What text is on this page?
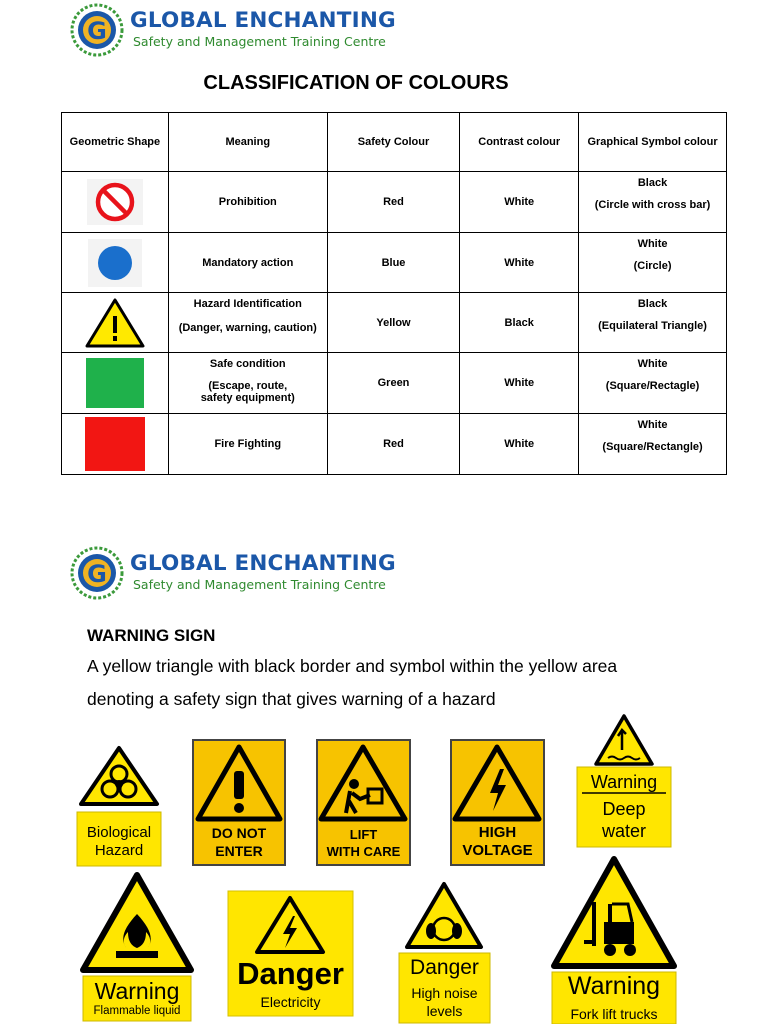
G GLOBAL ENCHANTING
Safety and Management Training Centre
CLASSIFICATION OF COLOURS
Geometric Shape	Meaning	Safety Colour	Contrast colour	Graphical Symbol colour

	Prohibition	Red	White	Black
(Circle with cross bar)

	Mandatory action	Blue	White	White
(Circle)

Hazard Identification
(Danger, warning, caution)	Yellow	Black	Black
(Equilateral Triangle)

Safe condition
(Escape, route, safety equipment)	Green	White	White
(Square/Rectagle)

	Fire Fighting	Red	White	White
(Square/Rectangle)
G GLOBAL ENCHANTING
Safety and Management Training Centre
WARNING SIGN
A yellow triangle with black border and symbol within the yellow area denoting a safety sign that gives warning of a hazard
Biological
Hazard
DO NOT
ENTER
LIFT
WITH CARE
HIGH
VOLTAGE
Warning
Deep
water
Warning
Flammable liquid
Danger
Electricity
Danger
High noise
levels
Warning
Fork lift trucks
